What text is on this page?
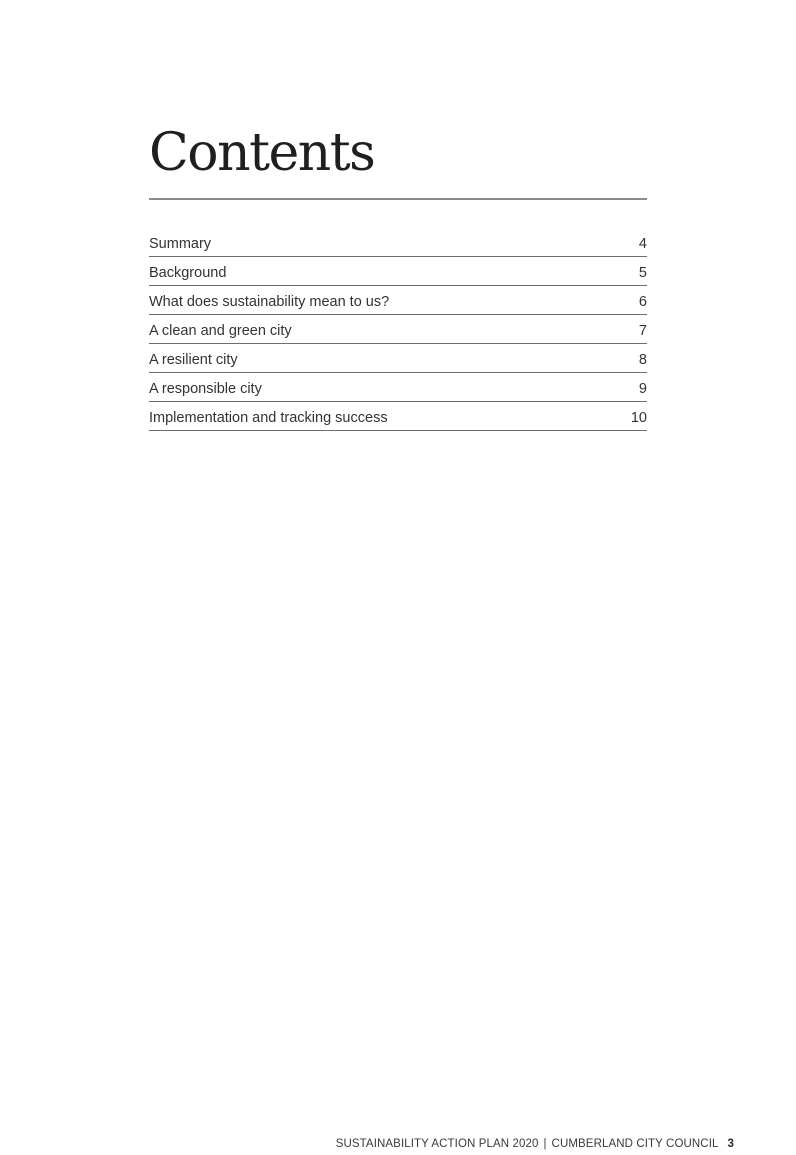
Contents
Summary	4
Background	5
What does sustainability mean to us?	6
A clean and green city	7
A resilient city	8
A responsible city	9
Implementation and tracking success	10
SUSTAINABILITY ACTION PLAN 2020 | CUMBERLAND CITY COUNCIL 3
